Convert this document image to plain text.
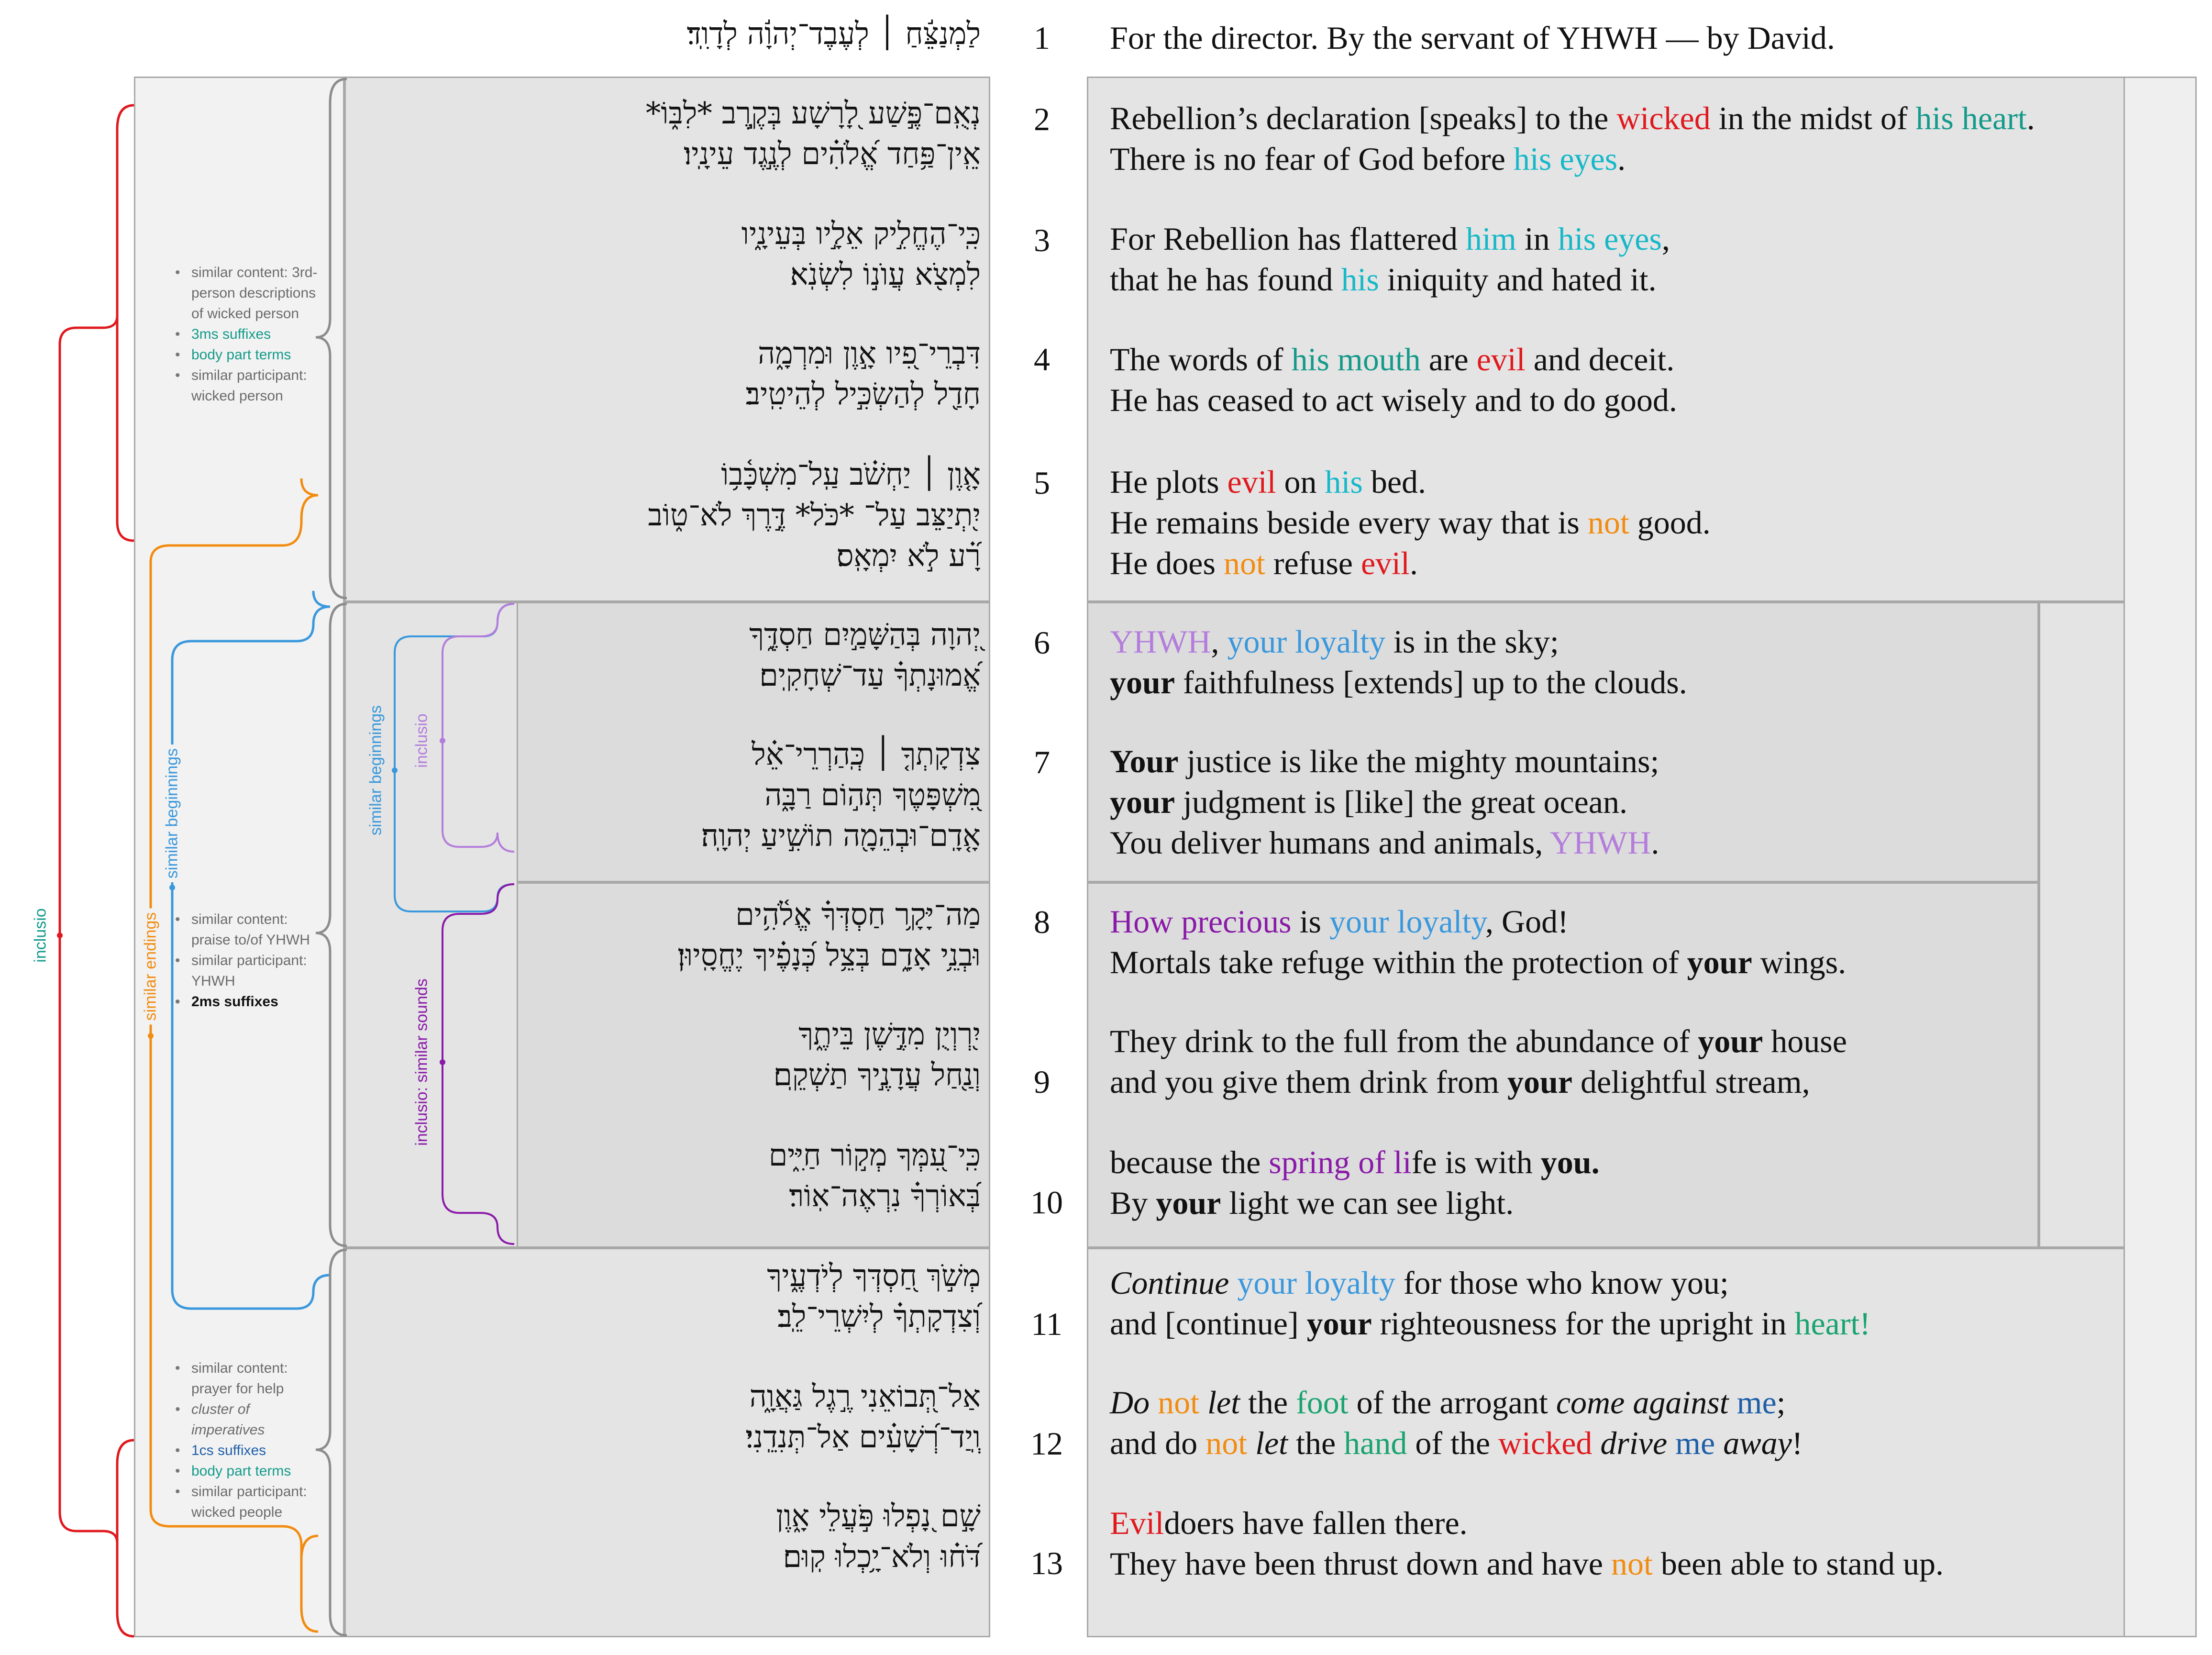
inclusio	similar endings
similar beginnings	similar beginnings inclusio
inclusio: similar sounds
• similar content: 3rd-person descriptions of wicked person
• 3ms suffixes
• body part terms
• similar participant: wicked person
• similar content: praise to/of YHWH
• similar participant: YHWH
• 2ms suffixes
• similar content: prayer for help
• cluster of imperatives
• 1cs suffixes
• body part terms
• similar participant: wicked people
1
2
3
4
5
6
7
8
9
10
11
12
13
לַמְנַצֵּ֬חַ ׀ לְעֶבֶד־יְהוָ֬ה לְדָוִֽד׃
נְאֻֽם־פֶּ֣שַׁע לָ֭רָשָׁע בְּקֶ֣רֶב *לִבּ֑וֹ*
אֵֽין־פַּ֥חַד אֱ֝לֹהִ֗ים לְנֶ֣גֶד עֵינָֽיו׃
כִּֽי־הֶחֱלִ֣יק אֵלָ֣יו בְּעֵינָ֑יו
לִמְצֹ֖א עֲוֺנ֣וֹ לִשְׂנֹֽא׃
דִּבְרֵי־פִ֭יו אָ֣וֶן וּמִרְמָ֑ה
חָדַ֖ל לְהַשְׂכִּ֣יל לְהֵיטִֽיב׃
אָ֤וֶן ׀ יַחְשֹׁ֗ב עַֽל־מִשְׁכָּ֫ב֥וֹ
יִ֭תְיַצֵּב עַל־ *כֹּל* דֶּ֣רֶךְ לֹא־ט֑וֹב
רָ֝֗ע לֹ֣א יִמְאָֽס׃
יְ֭הוָה בְּהַשָּׁמַ֣יִם חַסְדֶּ֑ךָ
אֱ֝מוּנָתְךָ֗ עַד־שְׁחָקִֽים׃
צִדְקָתְךָ֤ ׀ כְּֽהַרְרֵי־אֵ֗ל
מִ֭שְׁפָּטֶךָ תְּה֣וֹם רַבָּ֑ה
אָ֤דָֽם־וּבְהֵמָ֖ה תוֹשִׁ֣יעַ יְהוָֽה׃
מַה־יָּקָ֥ר חַסְדְּךָ֗ אֱלֹ֫הִ֥ים
וּבְנֵ֥י אָדָ֑ם בְּצֵ֥ל כְּ֝נָפֶ֗יךָ יֶחֱסָֽיוּן׃
יִ֭רְוְיֻן מִדֶּ֣שֶׁן בֵּיתֶ֑ךָ
וְנַ֖חַל עֲדָנֶ֣יךָ תַשְׁקֵֽם׃
כִּֽי־עִ֭מְּךָ מְק֣וֹר חַיִּ֑ים
בְּ֝אוֹרְךָ֗ נִרְאֶה־אֽוֹר׃
מְשֹׁ֣ךְ חַ֭סְדְּךָ לְיֹדְעֶ֑יךָ
וְ֝צִדְקָתְךָ֗ לְיִשְׁרֵי־לֵֽב׃
אַל־תְּ֭בוֹאֵנִי רֶ֣גֶל גַּאֲוָ֑ה
וְֽיַד־רְ֝שָׁעִ֗ים אַל־תְּנִדֵֽנִי׃
שָׁ֣ם נָ֭פְלוּ פֹּ֣עֲלֵי אָ֑וֶן
דֹּ֝ח֗וּ וְלֹא־יָ֥כְלוּ קֽוּם׃
For the director. By the servant of YHWH — by David.
Rebellion’s declaration [speaks] to the wicked in the midst of his heart.
There is no fear of God before his eyes.
For Rebellion has flattered him in his eyes,
that he has found his iniquity and hated it.
The words of his mouth are evil and deceit.
He has ceased to act wisely and to do good.
He plots evil on his bed.
He remains beside every way that is not good.
He does not refuse evil.
YHWH, your loyalty is in the sky;
your faithfulness [extends] up to the clouds.
Your justice is like the mighty mountains;
your judgment is [like] the great ocean.
You deliver humans and animals, YHWH.
How precious is your loyalty, God!
Mortals take refuge within the protection of your wings.
They drink to the full from the abundance of your house
and you give them drink from your delightful stream,
because the spring of life is with you.
By your light we can see light.
Continue your loyalty for those who know you;
and [continue] your righteousness for the upright in heart!
Do not let the foot of the arrogant come against me;
and do not let the hand of the wicked drive me away!
Evildoers have fallen there.
They have been thrust down and have not been able to stand up.
